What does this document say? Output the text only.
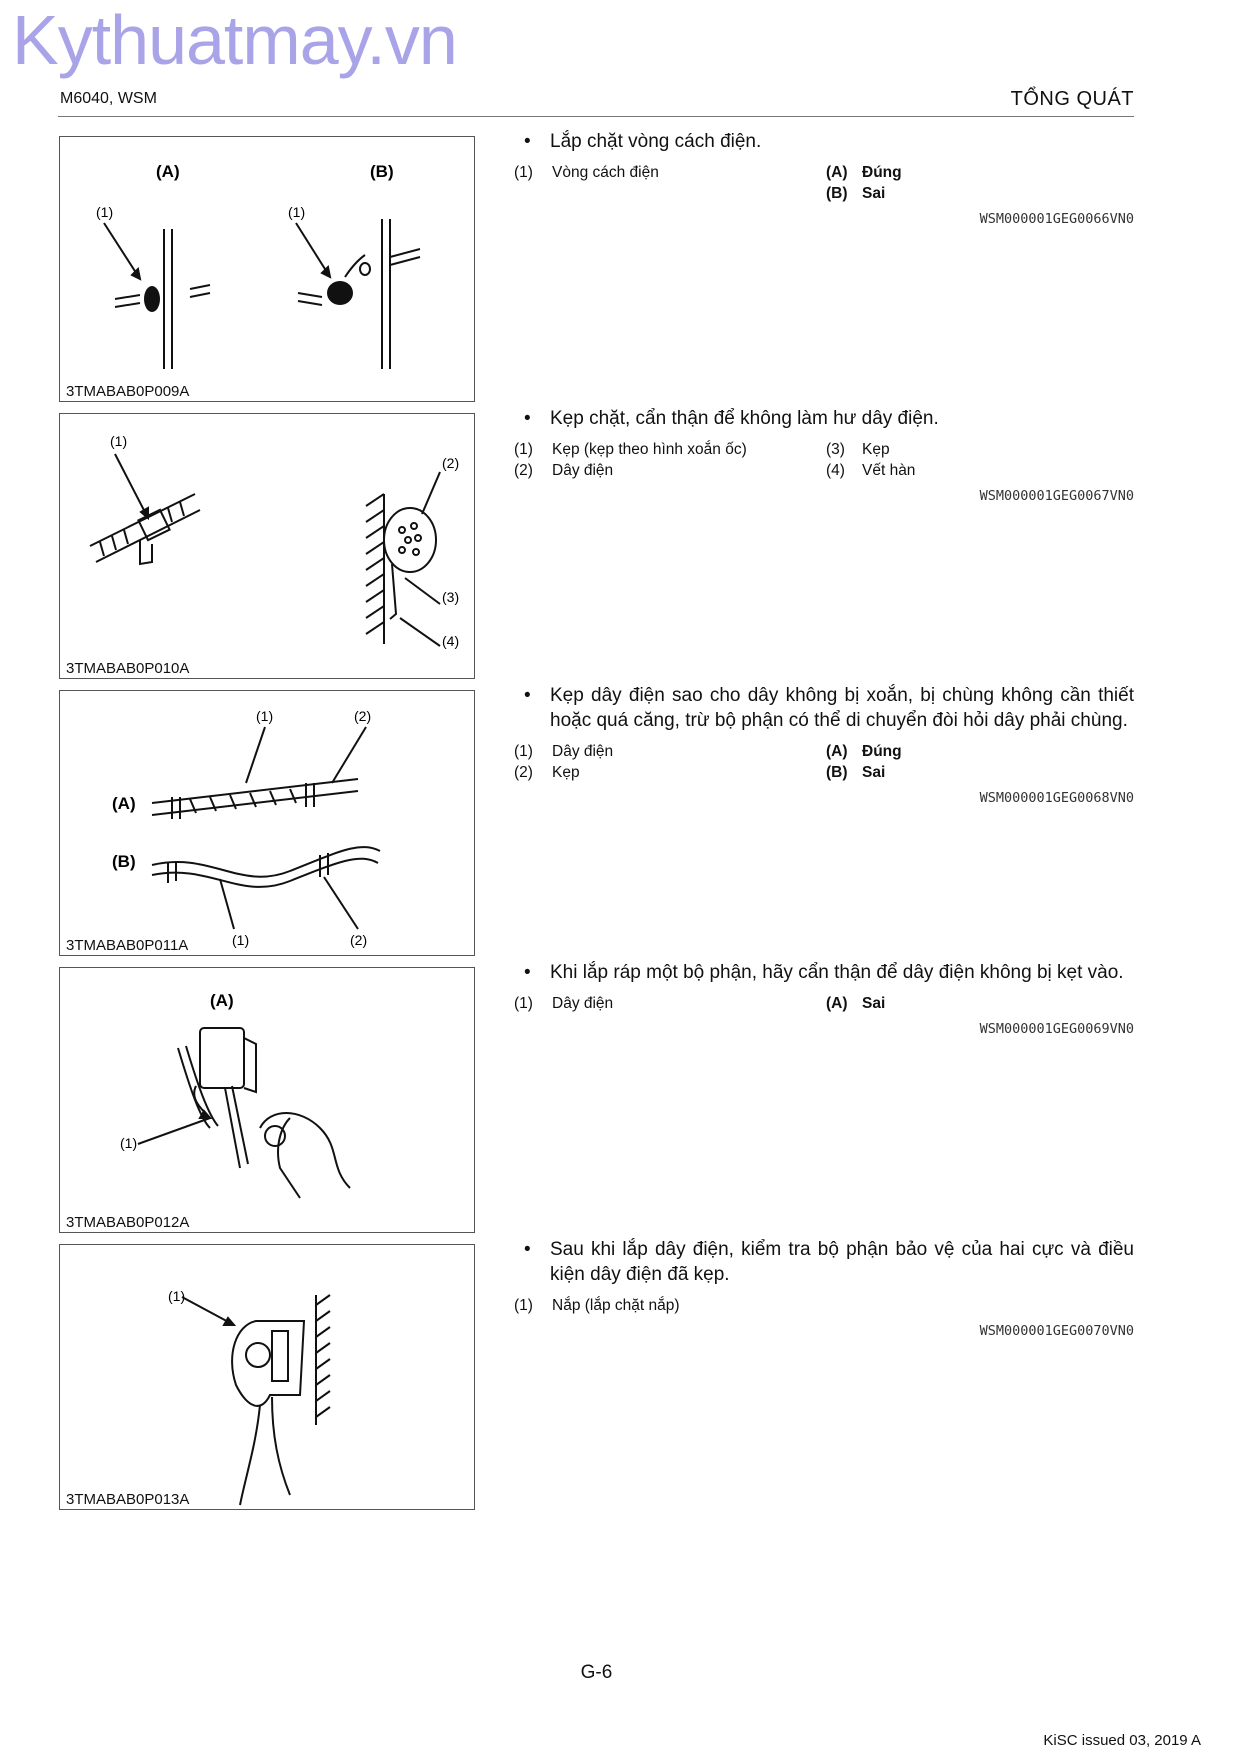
Kythuatmay.vn
M6040, WSM	TỔNG QUÁT
(A)	(B)
(1)	(1)
3TMABAB0P009A
(1)
(2)
(3)
(4)
3TMABAB0P010A
(1)	(2)
(A)
(B)
(1)	(2)
3TMABAB0P011A
(A)
(1)
3TMABAB0P012A
(1)
3TMABAB0P013A
• Lắp chặt vòng cách điện.
(1) Vòng cách điện	(A) Đúng
(B) Sai
WSM000001GEG0066VN0
• Kẹp chặt, cẩn thận để không làm hư dây điện.
(1) Kẹp (kẹp theo hình xoắn ốc)	(3) Kẹp
(2) Dây điện	(4) Vết hàn
WSM000001GEG0067VN0
• Kẹp dây điện sao cho dây không bị xoắn, bị chùng không cần thiết hoặc quá căng, trừ bộ phận có thể di chuyển đòi hỏi dây phải chùng.
(1) Dây điện	(A) Đúng
(2) Kẹp	(B) Sai
WSM000001GEG0068VN0
• Khi lắp ráp một bộ phận, hãy cẩn thận để dây điện không bị kẹt vào.
(1) Dây điện	(A) Sai
WSM000001GEG0069VN0
• Sau khi lắp dây điện, kiểm tra bộ phận bảo vệ của hai cực và điều kiện dây điện đã kẹp.
(1) Nắp (lắp chặt nắp)
WSM000001GEG0070VN0
G-6
KiSC issued 03, 2019 A
